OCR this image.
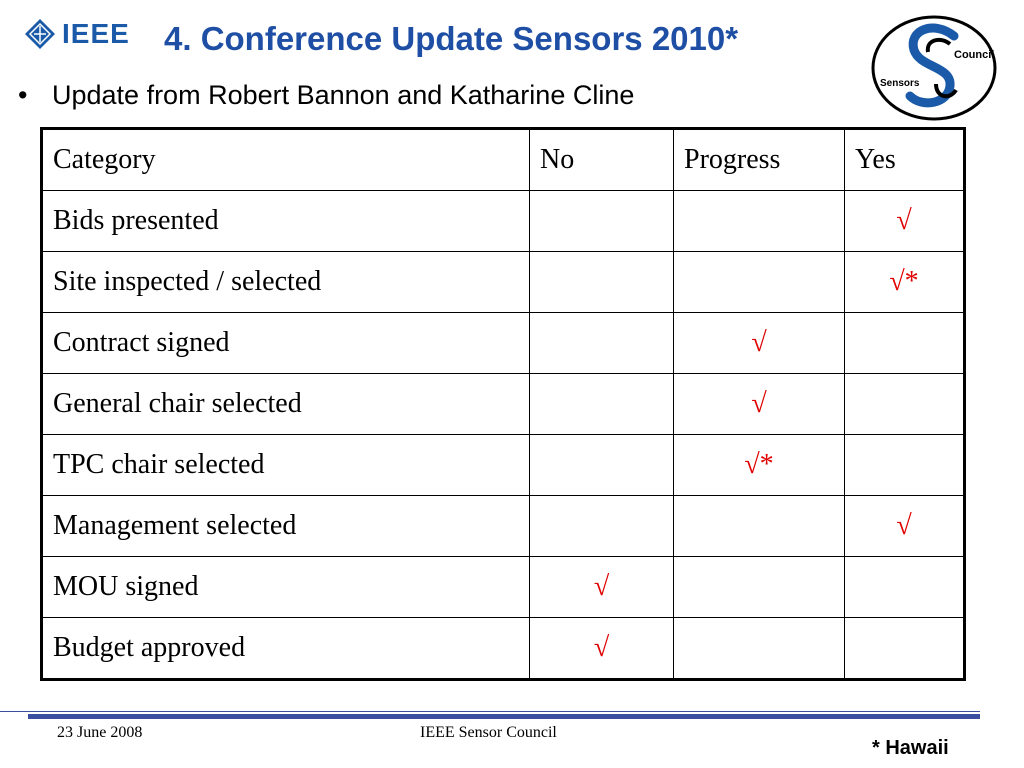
IEEE 4. Conference Update Sensors 2010*	Council
Sensors
• Update from Robert Bannon and Katharine Cline
Category	No	Progress	Yes
Bids presented			√
Site inspected / selected			√*
Contract signed		√	
General chair selected		√	
TPC chair selected		√*	
Management selected			√
MOU signed	√		
Budget approved	√		
23 June 2008	IEEE Sensor Council
* Hawaii
